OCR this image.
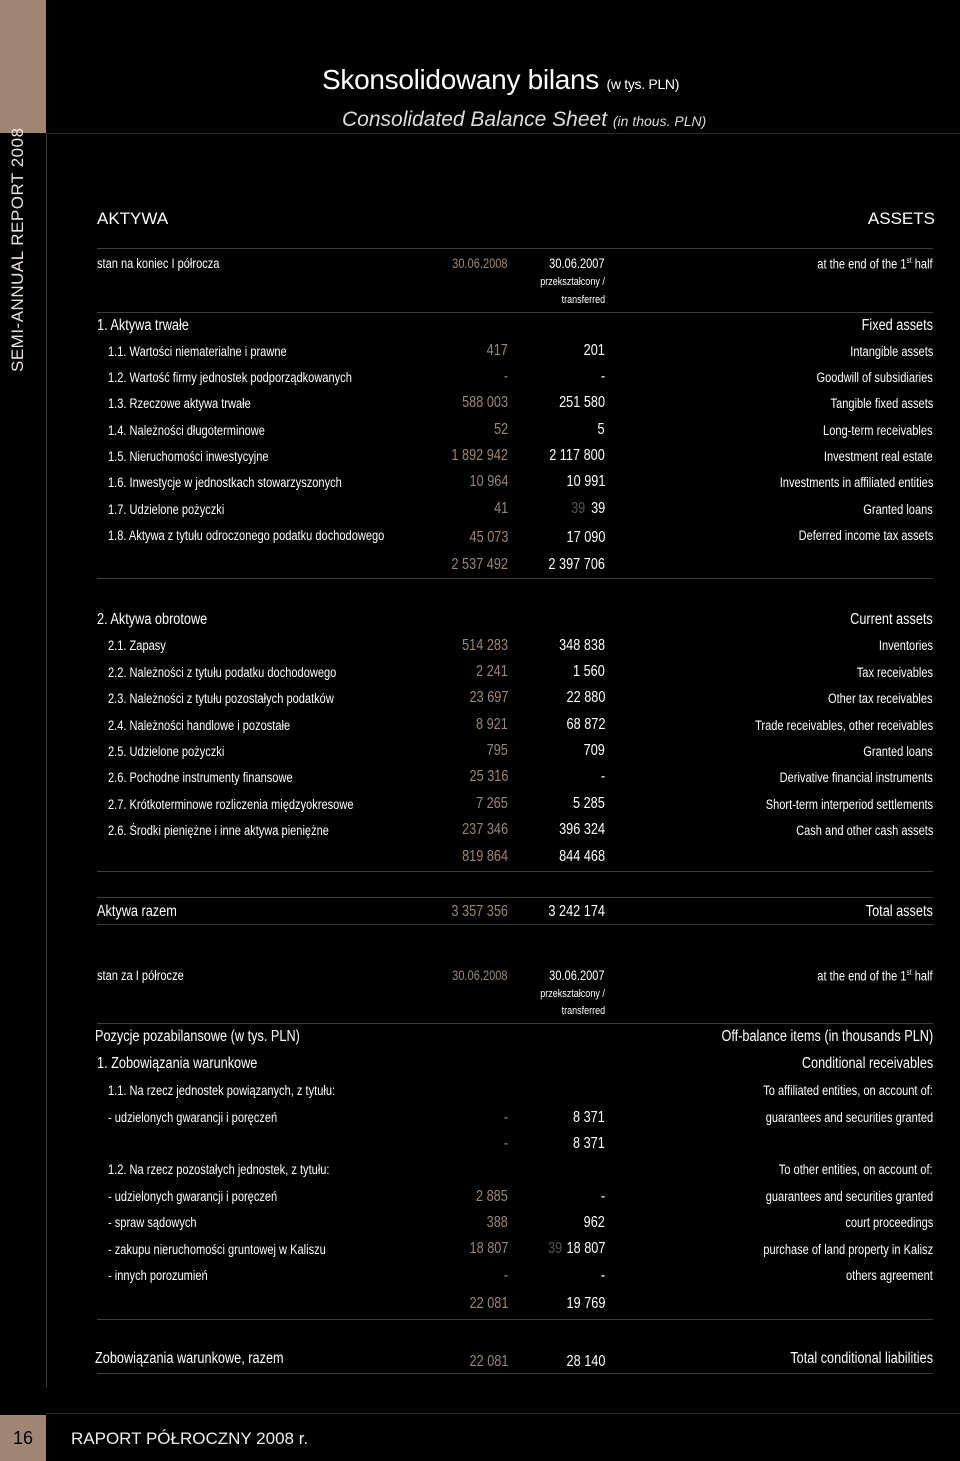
SEMI-ANNUAL REPORT 2008
Skonsolidowany bilans (w tys. PLN)
Consolidated Balance Sheet (in thous. PLN)
AKTYWA	ASSETS
stan na koniec I półrocza	30.06.2008	30.06.2007
przekształcony /
transferred
at the end of the 1st half
1. Aktywa trwałe	Fixed assets
1.1. Wartości niematerialne i prawne	417	201	Intangible assets
1.2. Wartość firmy jednostek podporządkowanych	-	-	Goodwill of subsidiaries
1.3. Rzeczowe aktywa trwałe	588 003	251 580	Tangible fixed assets
1.4. Należności długoterminowe	52	5	Long-term receivables
1.5. Nieruchomości inwestycyjne	1 892 942	2 117 800	Investment real estate
1.6. Inwestycje w jednostkach stowarzyszonych	10 964	10 991	Investments in affiliated entities
1.7. Udzielone pożyczki	41	39 39	Granted loans
1.8. Aktywa z tytułu odroczonego podatku dochodowego	45 073	17 090	Deferred income tax assets
2 537 492	2 397 706
2. Aktywa obrotowe	Current assets
2.1. Zapasy	514 283	348 838	Inventories
2.2. Należności z tytułu podatku dochodowego	2 241	1 560	Tax receivables
2.3. Należności z tytułu pozostałych podatków	23 697	22 880	Other tax receivables
2.4. Należności handlowe i pozostałe	8 921	68 872	Trade receivables, other receivables
2.5. Udzielone pożyczki	795	709	Granted loans
2.6. Pochodne instrumenty finansowe	25 316	-	Derivative financial instruments
2.7. Krótkoterminowe rozliczenia międzyokresowe	7 265	5 285	Short-term interperiod settlements
2.6. Środki pieniężne i inne aktywa pieniężne	237 346	396 324	Cash and other cash assets
819 864	844 468
Aktywa razem	3 357 356	3 242 174	Total assets
stan za I półrocze	30.06.2008	30.06.2007
przekształcony /
transferred
at the end of the 1st half
Pozycje pozabilansowe (w tys. PLN)	Off-balance items (in thousands PLN)
1. Zobowiązania warunkowe	Conditional receivables
1.1. Na rzecz jednostek powiązanych, z tytułu:	To affiliated entities, on account of:
- udzielonych gwarancji i poręczeń	-	8 371	guarantees and securities granted
-	8 371
1.2. Na rzecz pozostałych jednostek, z tytułu:	To other entities, on account of:
- udzielonych gwarancji i poręczeń	2 885	-	guarantees and securities granted
- spraw sądowych	388	962	court proceedings
- zakupu nieruchomości gruntowej w Kaliszu	18 807	39 18 807	purchase of land property in Kalisz
- innych porozumień	-	-	others agreement
22 081	19 769
Zobowiązania warunkowe, razem	22 081	28 140	Total conditional liabilities
16	RAPORT PÓŁROCZNY 2008 r.
